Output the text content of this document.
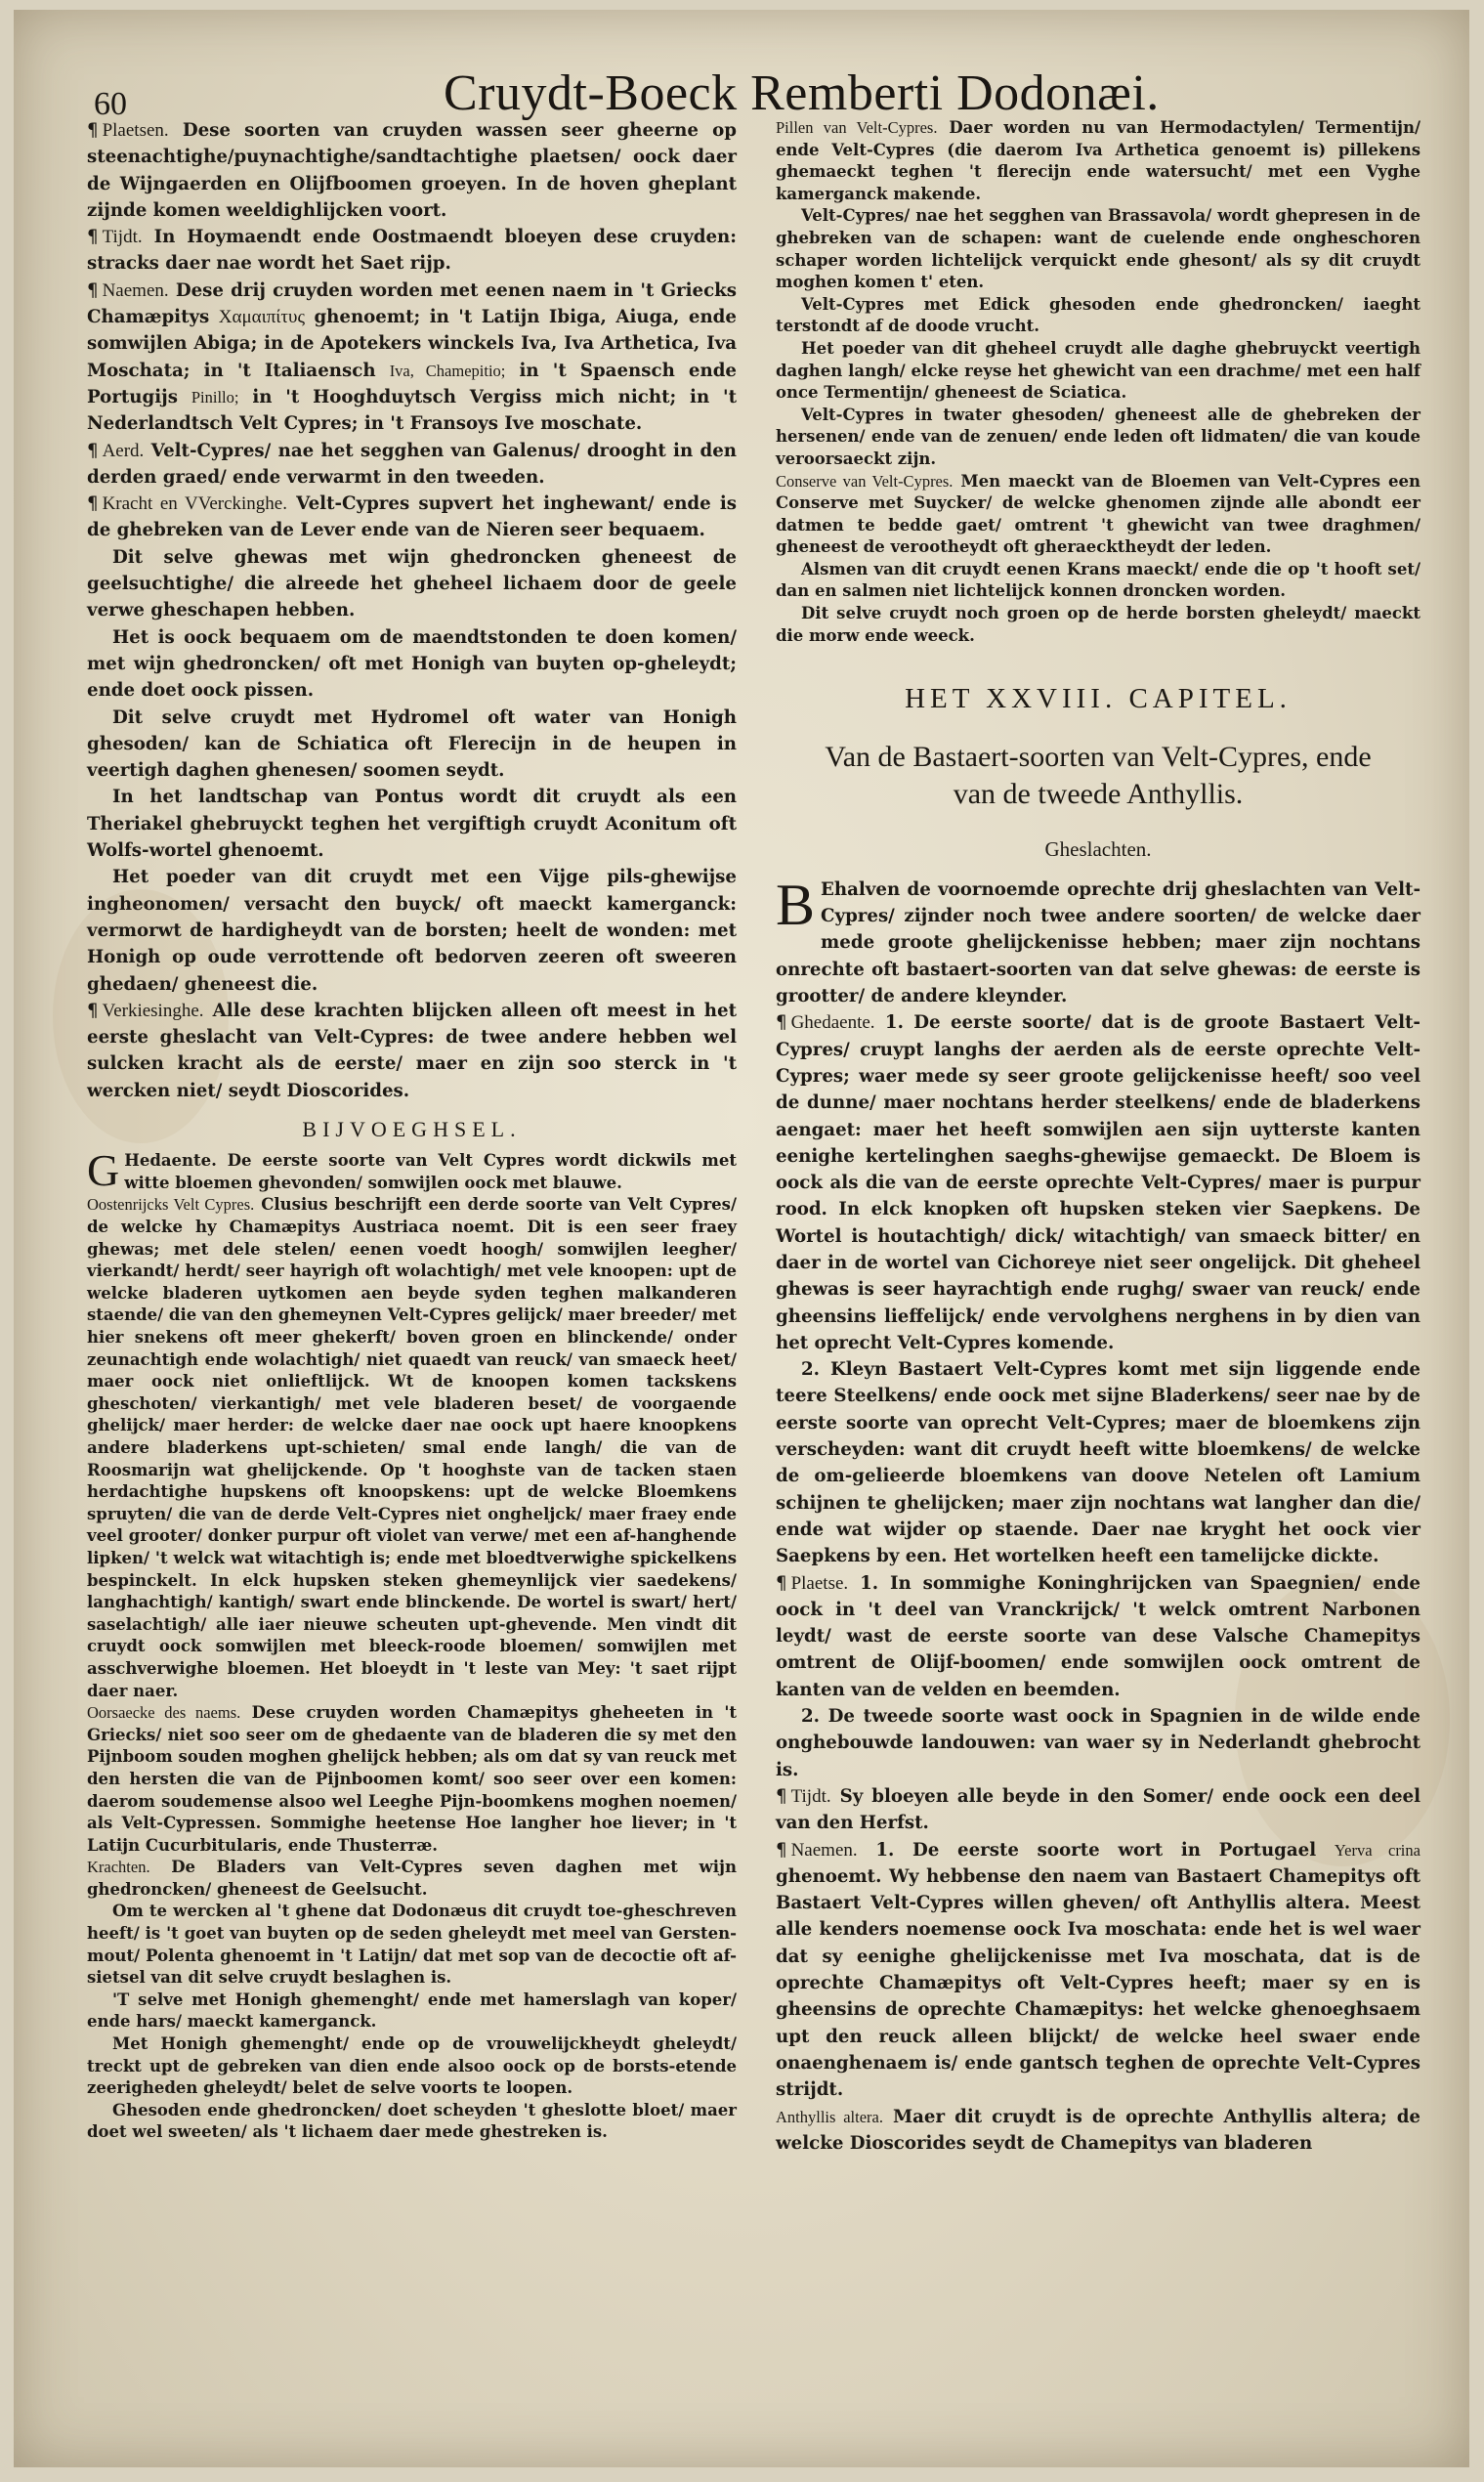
60	Cruydt-Boeck Remberti Dodonæi.

¶ Plaetsen. Dese soorten van cruyden wassen seer gheerne op steenachtighe/puynachtighe/sandtachtighe plaetsen/ oock daer de Wijngaerden en Olijfboomen groeyen. In de hoven gheplant zijnde komen weeldighlijcken voort.

¶ Tijdt. In Hoymaendt ende Oostmaendt bloeyen dese cruyden: stracks daer nae wordt het Saet rijp.

¶ Naemen. Dese drij cruyden worden met eenen naem in 't Griecks Chamæpitys Χαμαιπίτυς ghenoemt; in 't Latijn Ibiga, Aiuga, ende somwijlen Abiga; in de Apotekers winckels Iva, Iva Arthetica, Iva Moschata; in 't Italiaensch Iva, Chamepitio; in 't Spaensch ende Portugijs Pinillo; in 't Hooghduytsch Vergiss mich nicht; in 't Nederlandtsch Velt Cypres; in 't Fransoys Ive moschate.

¶ Aerd. Velt-Cypres/ nae het segghen van Galenus/ drooght in den derden graed/ ende verwarmt in den tweeden.

¶ Kracht en VVerckinghe. Velt-Cypres supvert het inghewant/ ende is de ghebreken van de Lever ende van de Nieren seer bequaem.

Dit selve ghewas met wijn ghedroncken gheneest de geelsuchtighe/ die alreede het gheheel lichaem door de geele verwe gheschapen hebben.

Het is oock bequaem om de maendtstonden te doen komen/ met wijn ghedroncken/ oft met Honigh van buyten op-gheleydt; ende doet oock pissen.

Dit selve cruydt met Hydromel oft water van Honigh ghesoden/ kan de Schiatica oft Flerecijn in de heupen in veertigh daghen ghenesen/ soomen seydt.

In het landtschap van Pontus wordt dit cruydt als een Theriakel ghebruyckt teghen het vergiftigh cruydt Aconitum oft Wolfs-wortel ghenoemt.

Het poeder van dit cruydt met een Vijge pils-ghewijse ingheonomen/ versacht den buyck/ oft maeckt kamerganck: vermorwt de hardigheydt van de borsten; heelt de wonden: met Honigh op oude verrottende oft bedorven zeeren oft sweeren ghedaen/ gheneest die.

¶ Verkiesinghe. Alle dese krachten blijcken alleen oft meest in het eerste gheslacht van Velt-Cypres: de twee andere hebben wel sulcken kracht als de eerste/ maer en zijn soo sterck in 't wercken niet/ seydt Dioscorides.

BIJVOEGHSEL.

G Hedaente. De eerste soorte van Velt Cypres wordt dickwils met witte bloemen ghevonden/ somwijlen oock met blauwe.

Oostenrijcks Velt Cypres. Clusius beschrijft een derde soorte van Velt Cypres/ de welcke hy Chamæpitys Austriaca noemt. Dit is een seer fraey ghewas; met dele stelen/ eenen voedt hoogh/ somwijlen leegher/ vierkandt/ herdt/ seer hayrigh oft wolachtigh/ met vele knoopen: upt de welcke bladeren uytkomen aen beyde syden teghen malkanderen staende/ die van den ghemeynen Velt-Cypres gelijck/ maer breeder/ met hier snekens oft meer ghekerft/ boven groen en blinckende/ onder zeunachtigh ende wolachtigh/ niet quaedt van reuck/ van smaeck heet/ maer oock niet onlieftlijck. Wt de knoopen komen tackskens gheschoten/ vierkantigh/ met vele bladeren beset/ de voorgaende ghelijck/ maer herder: de welcke daer nae oock upt haere knoopkens andere bladerkens upt-schieten/ smal ende langh/ die van de Roosmarijn wat ghelijckende. Op 't hooghste van de tacken staen herdachtighe hupskens oft knoopskens: upt de welcke Bloemkens spruyten/ die van de derde Velt-Cypres niet ongheljck/ maer fraey ende veel grooter/ donker purpur oft violet van verwe/ met een af-hanghende lipken/ 't welck wat witachtigh is; ende met bloedtverwighe spickelkens bespinckelt. In elck hupsken steken ghemeynlijck vier saedekens/ langhachtigh/ kantigh/ swart ende blinckende. De wortel is swart/ hert/ saselachtigh/ alle iaer nieuwe scheuten upt-ghevende. Men vindt dit cruydt oock somwijlen met bleeck-roode bloemen/ somwijlen met asschverwighe bloemen. Het bloeydt in 't leste van Mey: 't saet rijpt daer naer.

Oorsaecke des naems. Dese cruyden worden Chamæpitys gheheeten in 't Griecks/ niet soo seer om de ghedaente van de bladeren die sy met den Pijnboom souden moghen ghelijck hebben; als om dat sy van reuck met den hersten die van de Pijnboomen komt/ soo seer over een komen: daerom soudemense alsoo wel Leeghe Pijn-boomkens moghen noemen/ als Velt-Cypressen. Sommighe heetense Hoe langher hoe liever; in 't Latijn Cucurbitularis, ende Thusterræ.

Krachten. De Bladers van Velt-Cypres seven daghen met wijn ghedroncken/ gheneest de Geelsucht.

Om te wercken al 't ghene dat Dodonæus dit cruydt toe-gheschreven heeft/ is 't goet van buyten op de seden gheleydt met meel van Gersten-mout/ Polenta ghenoemt in 't Latijn/ dat met sop van de decoctie oft af-sietsel van dit selve cruydt beslaghen is.

'T selve met Honigh ghemenght/ ende met hamerslagh van koper/ ende hars/ maeckt kamerganck.

Met Honigh ghemenght/ ende op de vrouwelijckheydt gheleydt/ treckt upt de gebreken van dien ende alsoo oock op de borsts-etende zeerigheden gheleydt/ belet de selve voorts te loopen.

Ghesoden ende ghedroncken/ doet scheyden 't gheslotte bloet/ maer doet wel sweeten/ als 't lichaem daer mede ghestreken is.

Pillen van Velt-Cypres. Daer worden nu van Hermodactylen/ Termentijn/ ende Velt-Cypres (die daerom Iva Arthetica genoemt is) pillekens ghemaeckt teghen 't flerecijn ende watersucht/ met een Vyghe kamerganck makende.

Velt-Cypres/ nae het segghen van Brassavola/ wordt ghepresen in de ghebreken van de schapen: want de cuelende ende ongheschoren schaper worden lichtelijck verquickt ende ghesont/ als sy dit cruydt moghen komen t' eten.

Velt-Cypres met Edick ghesoden ende ghedroncken/ iaeght terstondt af de doode vrucht.

Het poeder van dit gheheel cruydt alle daghe ghebruyckt veertigh daghen langh/ elcke reyse het ghewicht van een drachme/ met een half once Termentijn/ gheneest de Sciatica.

Velt-Cypres in twater ghesoden/ gheneest alle de ghebreken der hersenen/ ende van de zenuen/ ende leden oft lidmaten/ die van koude veroorsaeckt zijn.

Conserve van Velt-Cypres. Men maeckt van de Bloemen van Velt-Cypres een Conserve met Suycker/ de welcke ghenomen zijnde alle abondt eer datmen te bedde gaet/ omtrent 't ghewicht van twee draghmen/ gheneest de verootheydt oft gheraecktheydt der leden.

Alsmen van dit cruydt eenen Krans maeckt/ ende die op 't hooft set/ dan en salmen niet lichtelijck konnen droncken worden.

Dit selve cruydt noch groen op de herde borsten gheleydt/ maeckt die morw ende weeck.

HET XXVIII. CAPITEL.

Van de Bastaert-soorten van Velt-Cypres, ende van de tweede Anthyllis.

Gheslachten.

B Ehalven de voornoemde oprechte drij gheslachten van Velt-Cypres/ zijnder noch twee andere soorten/ de welcke daer mede groote ghelijckenisse hebben; maer zijn nochtans onrechte oft bastaert-soorten van dat selve ghewas: de eerste is grootter/ de andere kleynder.

¶ Ghedaente. 1. De eerste soorte/ dat is de groote Bastaert Velt-Cypres/ cruypt langhs der aerden als de eerste oprechte Velt-Cypres; waer mede sy seer groote gelijckenisse heeft/ soo veel de dunne/ maer nochtans herder steelkens/ ende de bladerkens aengaet: maer het heeft somwijlen aen sijn uytterste kanten eenighe kertelinghen saeghs-ghewijse gemaeckt. De Bloem is oock als die van de eerste oprechte Velt-Cypres/ maer is purpur rood. In elck knopken oft hupsken steken vier Saepkens. De Wortel is houtachtigh/ dick/ witachtigh/ van smaeck bitter/ en daer in de wortel van Cichoreye niet seer ongelijck. Dit gheheel ghewas is seer hayrachtigh ende rughg/ swaer van reuck/ ende gheensins lieffelijck/ ende vervolghens nerghens in by dien van het oprecht Velt-Cypres komende.

2. Kleyn Bastaert Velt-Cypres komt met sijn liggende ende teere Steelkens/ ende oock met sijne Bladerkens/ seer nae by de eerste soorte van oprecht Velt-Cypres; maer de bloemkens zijn verscheyden: want dit cruydt heeft witte bloemkens/ de welcke de om-gelieerde bloemkens van doove Netelen oft Lamium schijnen te ghelijcken; maer zijn nochtans wat langher dan die/ ende wat wijder op staende. Daer nae kryght het oock vier Saepkens by een. Het wortelken heeft een tamelijcke dickte.

¶ Plaetse. 1. In sommighe Koninghrijcken van Spaegnien/ ende oock in 't deel van Vranckrijck/ 't welck omtrent Narbonen leydt/ wast de eerste soorte van dese Valsche Chamepitys omtrent de Olijf-boomen/ ende somwijlen oock omtrent de kanten van de velden en beemden.

2. De tweede soorte wast oock in Spagnien in de wilde ende onghebouwde landouwen: van waer sy in Nederlandt ghebrocht is.

¶ Tijdt. Sy bloeyen alle beyde in den Somer/ ende oock een deel van den Herfst.

¶ Naemen. 1. De eerste soorte wort in Portugael Yerva crina ghenoemt. Wy hebbense den naem van Bastaert Chamepitys oft Bastaert Velt-Cypres willen gheven/ oft Anthyllis altera. Meest alle kenders noemense oock Iva moschata: ende het is wel waer dat sy eenighe ghelijckenisse met Iva moschata, dat is de oprechte Chamæpitys oft Velt-Cypres heeft; maer sy en is gheensins de oprechte Chamæpitys: het welcke ghenoeghsaem upt den reuck alleen blijckt/ de welcke heel swaer ende onaenghenaem is/ ende gantsch teghen de oprechte Velt-Cypres strijdt.

Anthyllis altera. Maer dit cruydt is de oprechte Anthyllis altera; de welcke Dioscorides seydt de Chamepitys van bladeren
